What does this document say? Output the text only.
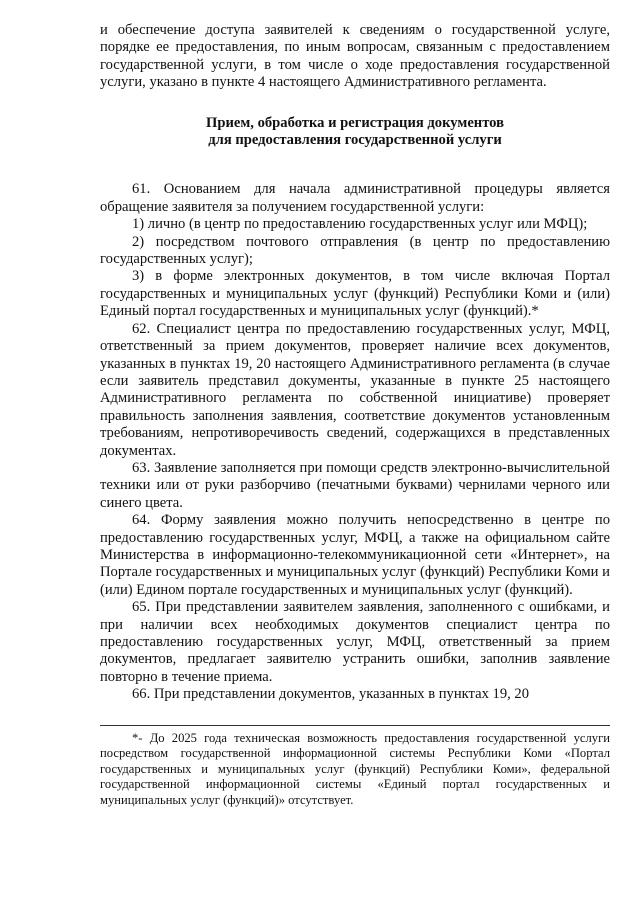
и обеспечение доступа заявителей к сведениям о государственной услуге, порядке ее предоставления, по иным вопросам, связанным с предоставлением государственной услуги, в том числе о ходе предоставления государственной услуги, указано в пункте 4 настоящего Административного регламента.

Прием, обработка и регистрация документов
для предоставления государственной услуги

61. Основанием для начала административной процедуры является обращение заявителя за получением государственной услуги:

1) лично (в центр по предоставлению государственных услуг или МФЦ);

2) посредством почтового отправления (в центр по предоставлению государственных услуг);

3) в форме электронных документов, в том числе включая Портал государственных и муниципальных услуг (функций) Республики Коми и (или) Единый портал государственных и муниципальных услуг (функций).*

62. Специалист центра по предоставлению государственных услуг, МФЦ, ответственный за прием документов, проверяет наличие всех документов, указанных в пунктах 19, 20 настоящего Административного регламента (в случае если заявитель представил документы, указанные в пункте 25 настоящего Административного регламента по собственной инициативе) проверяет правильность заполнения заявления, соответствие документов установленным требованиям, непротиворечивость сведений, содержащихся в представленных документах.

63. Заявление заполняется при помощи средств электронно-вычислительной техники или от руки разборчиво (печатными буквами) чернилами черного или синего цвета.

64. Форму заявления можно получить непосредственно в центре по предоставлению государственных услуг, МФЦ, а также на официальном сайте Министерства в информационно-телекоммуникационной сети «Интернет», на Портале государственных и муниципальных услуг (функций) Республики Коми и (или) Едином портале государственных и муниципальных услуг (функций).

65. При представлении заявителем заявления, заполненного с ошибками, и при наличии всех необходимых документов специалист центра по предоставлению государственных услуг, МФЦ, ответственный за прием документов, предлагает заявителю устранить ошибки, заполнив заявление повторно в течение приема.

66. При представлении документов, указанных в пунктах 19, 20

*- До 2025 года техническая возможность предоставления государственной услуги посредством государственной информационной системы Республики Коми «Портал государственных и муниципальных услуг (функций) Республики Коми», федеральной государственной информационной системы «Единый портал государственных и муниципальных услуг (функций)» отсутствует.
